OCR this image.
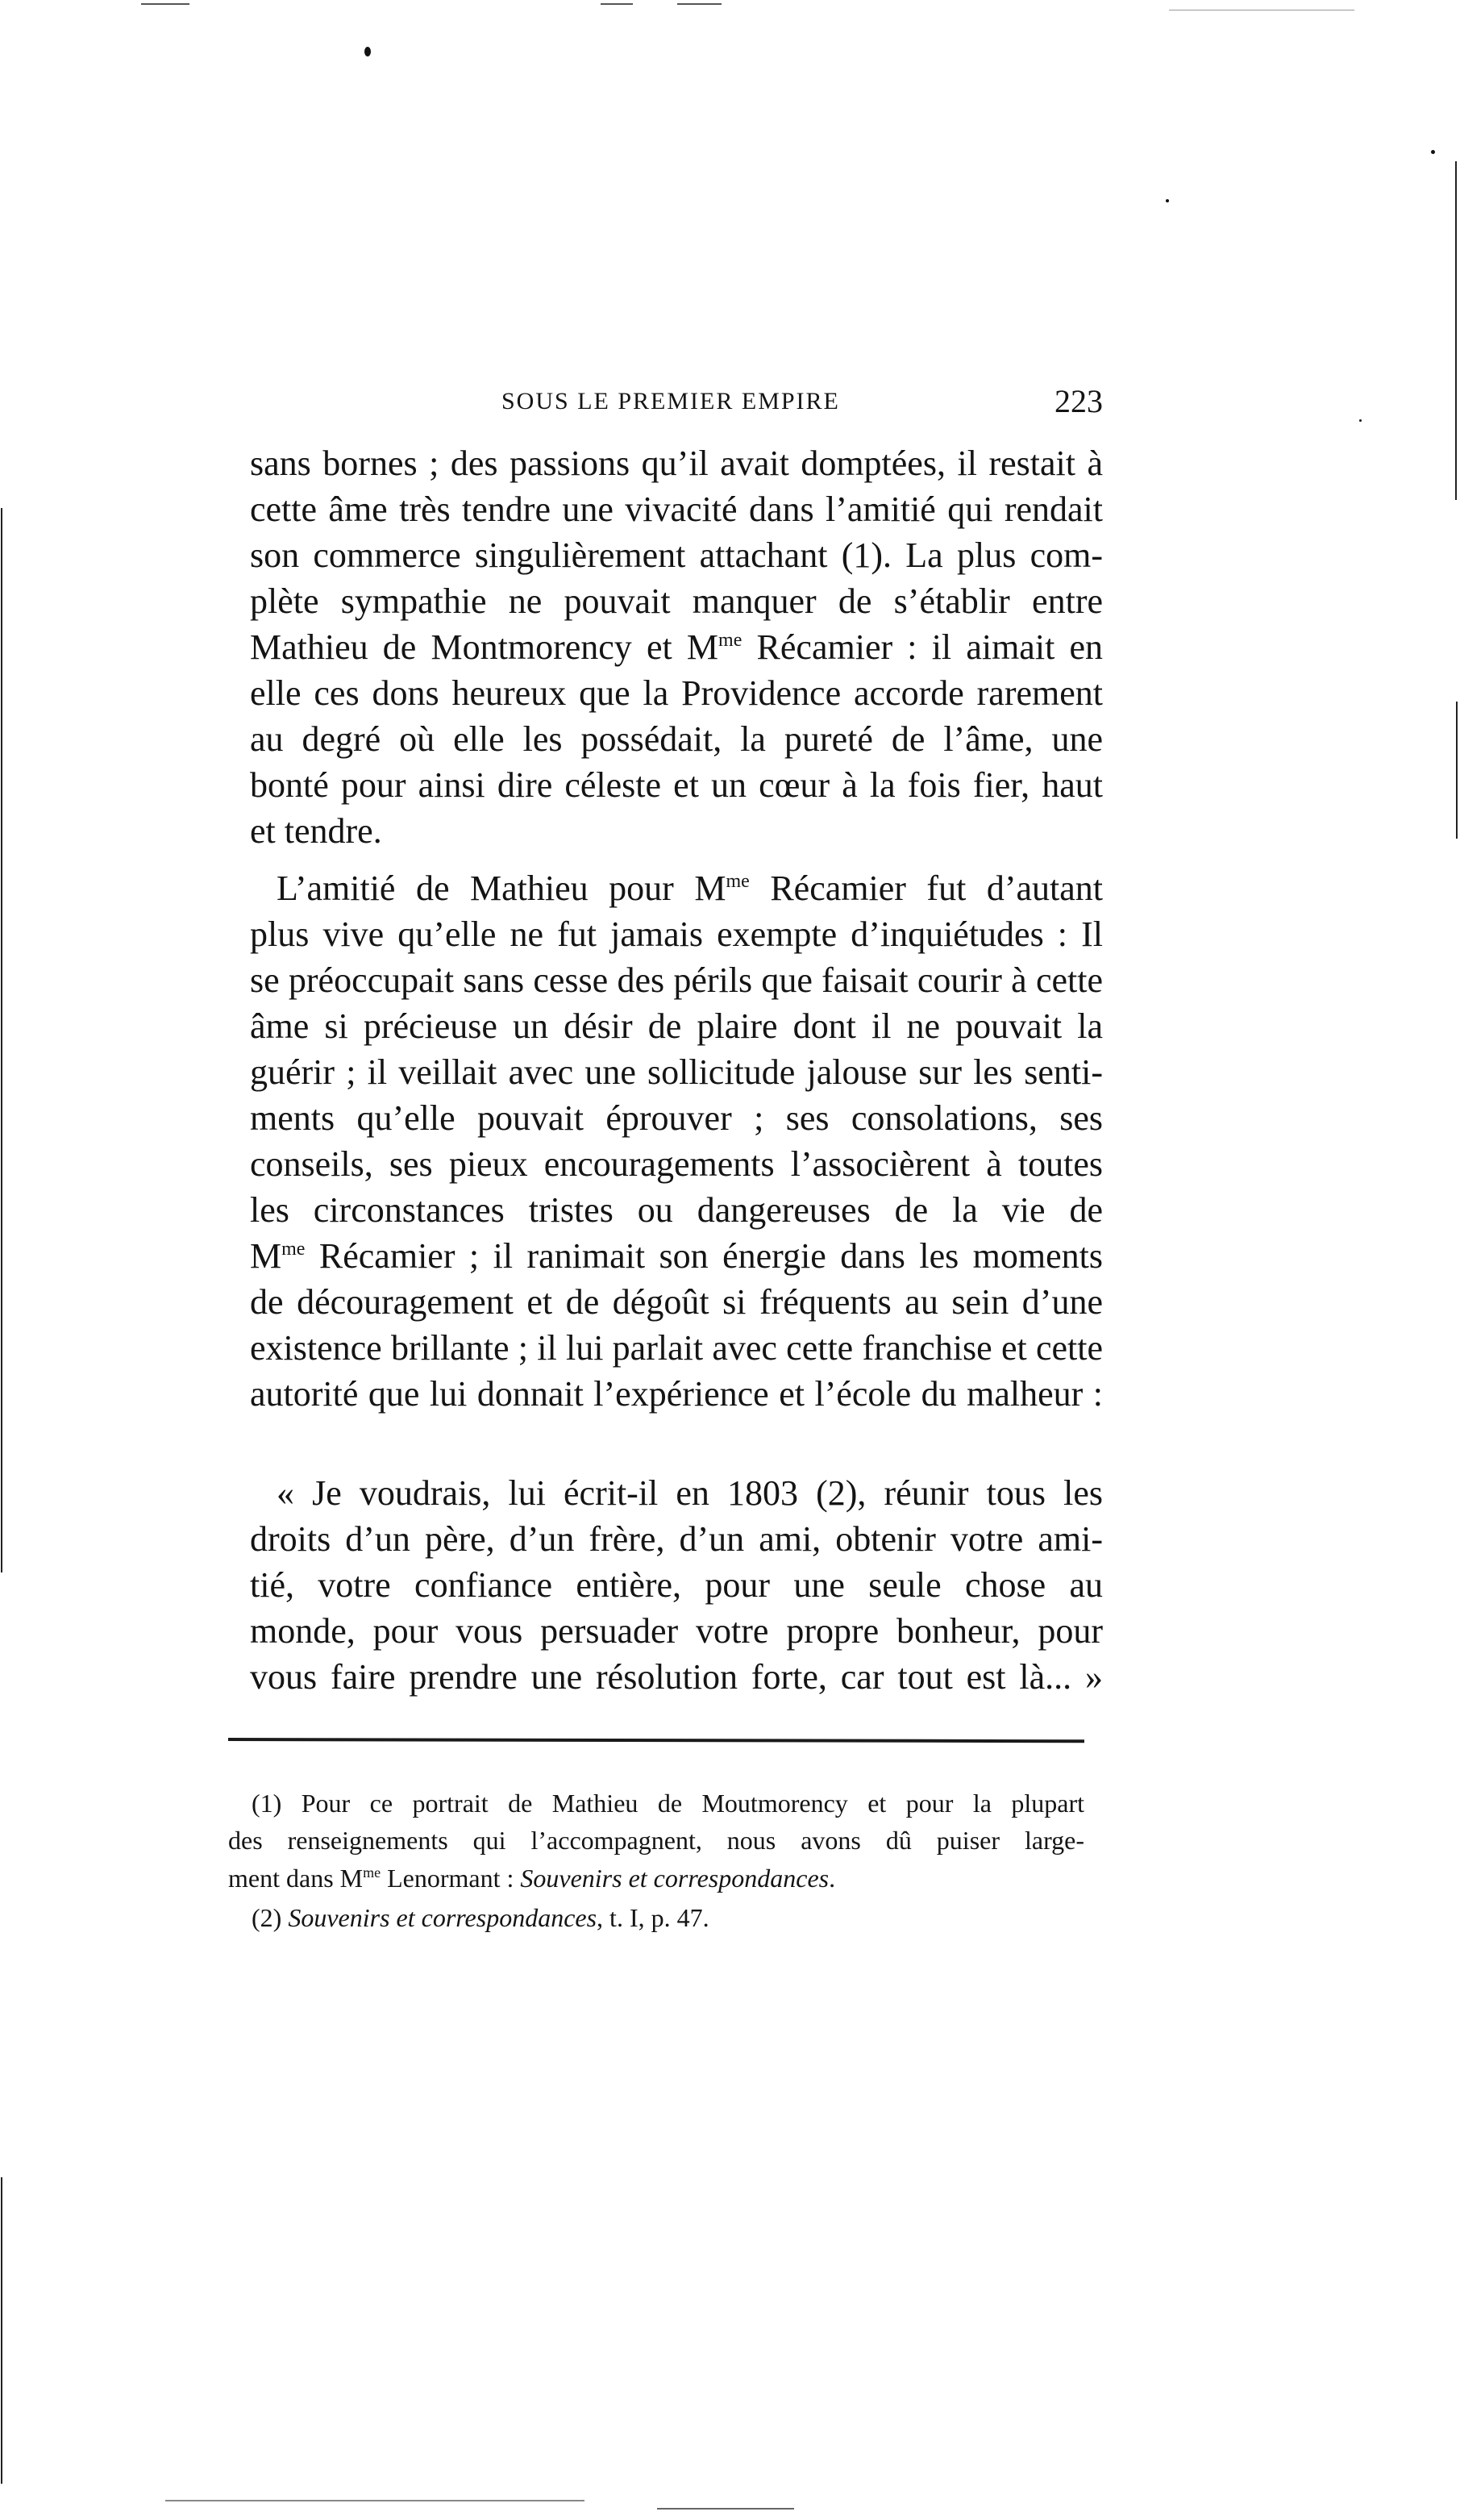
SOUS LE PREMIER EMPIRE	223
sans bornes ; des passions qu’il avait domptées, il restait à
cette âme très tendre une vivacité dans l’amitié qui rendait
son commerce singulièrement attachant (1). La plus com-
plète sympathie ne pouvait manquer de s’établir entre
Mathieu de Montmorency et $M^{me}$ Récamier : il aimait en
elle ces dons heureux que la Providence accorde rarement
au degré où elle les possédait, la pureté de l’âme, une
bonté pour ainsi dire céleste et un cœur à la fois fier, haut
et tendre.
L’amitié de Mathieu pour $M^{me}$ Récamier fut d’autant
plus vive qu’elle ne fut jamais exempte d’inquiétudes : Il
se préoccupait sans cesse des périls que faisait courir à cette
âme si précieuse un désir de plaire dont il ne pouvait la
guérir ; il veillait avec une sollicitude jalouse sur les senti-
ments qu’elle pouvait éprouver ; ses consolations, ses
conseils, ses pieux encouragements l’associèrent à toutes
les circonstances tristes ou dangereuses de la vie de
$M^{me}$ Récamier ; il ranimait son énergie dans les moments
de découragement et de dégoût si fréquents au sein d’une
existence brillante ; il lui parlait avec cette franchise et cette
autorité que lui donnait l’expérience et l’école du malheur :
« Je voudrais, lui écrit-il en 1803 (2), réunir tous les
droits d’un père, d’un frère, d’un ami, obtenir votre ami-
tié, votre confiance entière, pour une seule chose au
monde, pour vous persuader votre propre bonheur, pour
vous faire prendre une résolution forte, car tout est là... »
(1) Pour ce portrait de Mathieu de Moutmorency et pour la plupart
des renseignements qui l’accompagnent, nous avons dû puiser large-
ment dans $M^{me}$ Lenormant : Souvenirs et correspondances.
(2) Souvenirs et correspondances, t. I, p. 47.
